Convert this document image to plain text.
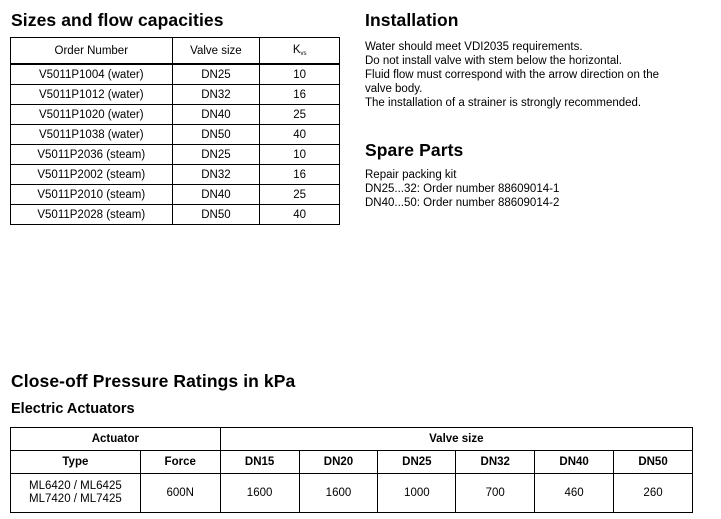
Sizes and flow capacities
Order Number	Valve size	Kvs
V5011P1004 (water)	DN25	10
V5011P1012 (water)	DN32	16
V5011P1020 (water)	DN40	25
V5011P1038 (water)	DN50	40
V5011P2036 (steam)	DN25	10
V5011P2002 (steam)	DN32	16
V5011P2010 (steam)	DN40	25
V5011P2028 (steam)	DN50	40
Installation

Water should meet VDI2035 requirements.

Do not install valve with stem below the horizontal.

Fluid flow must correspond with the arrow direction on the

valve body.

The installation of a strainer is strongly recommended.

Spare Parts

Repair packing kit

DN25...32: Order number 88609014-1

DN40...50: Order number 88609014-2

Close-off Pressure Ratings in kPa
Electric Actuators
Actuator		Valve size					
Type	Force	DN15	DN20	DN25	DN32	DN40	DN50
ML6420 / ML6425
ML7420 / ML7425	600N	1600	1600	1000	700	460	260
